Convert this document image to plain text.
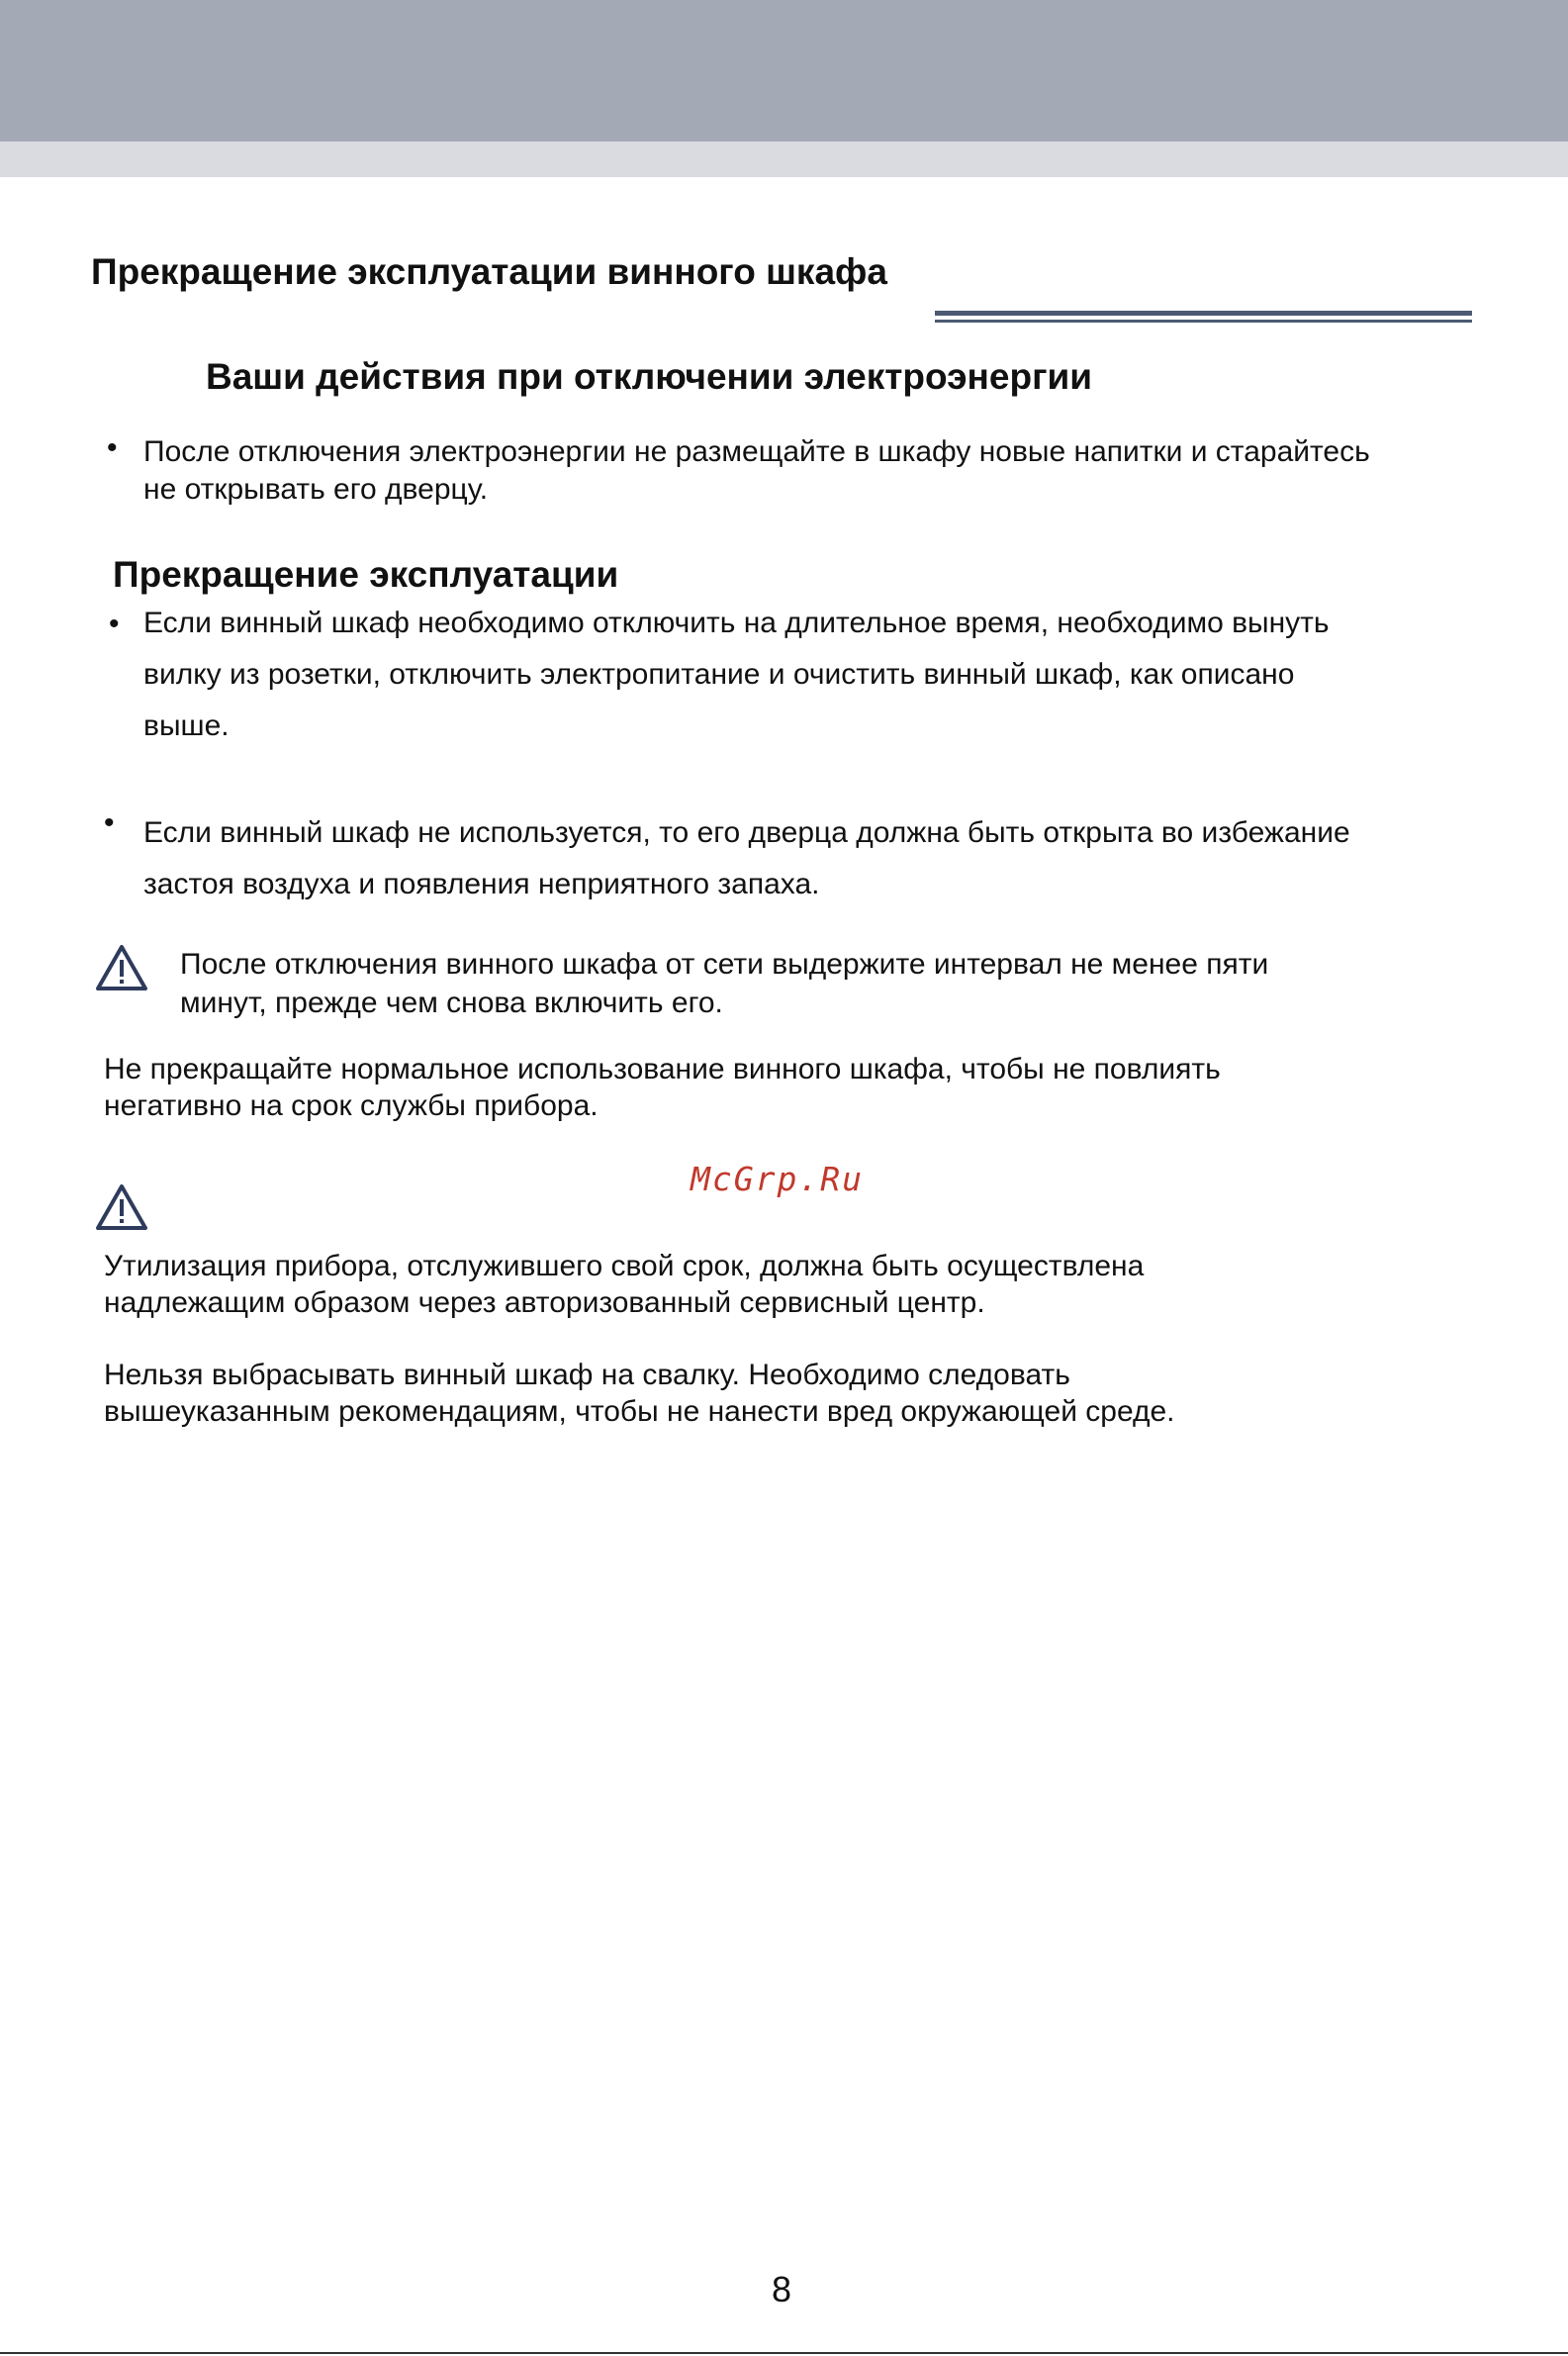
Прекращение эксплуатации винного шкафа
Ваши действия при отключении электроэнергии
• После отключения электроэнергии не размещайте в шкафу новые напитки и старайтесь

не открывать его дверцу.

Прекращение эксплуатации
• Если винный шкаф необходимо отключить на длительное время, необходимо вынуть

вилку из розетки, отключить электропитание и очистить винный шкаф, как описано

выше.

• Если винный шкаф не используется, то его дверца должна быть открыта во избежание

застоя воздуха и появления неприятного запаха.

После отключения винного шкафа от сети выдержите интервал не менее пяти

минут, прежде чем снова включить его.

Не прекращайте нормальное использование винного шкафа, чтобы не повлиять

негативно на срок службы прибора.

McGrp.Ru

Утилизация прибора, отслужившего свой срок, должна быть осуществлена

надлежащим образом через авторизованный сервисный центр.

Нельзя выбрасывать винный шкаф на свалку. Необходимо следовать

вышеуказанным рекомендациям, чтобы не нанести вред окружающей среде.

8
